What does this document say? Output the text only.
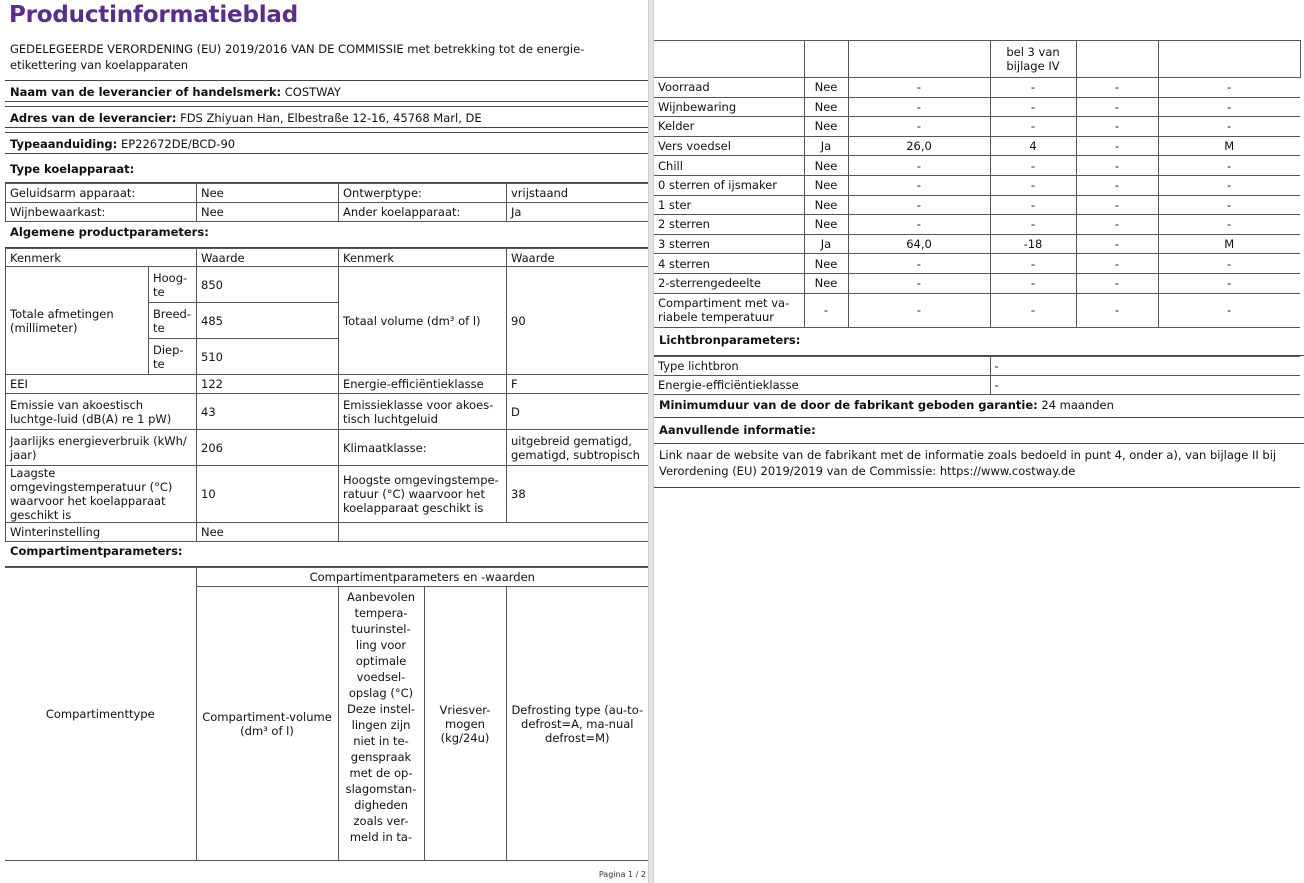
Productinformatieblad
GEDELEGEERDE VERORDENING (EU) 2019/2016 VAN DE COMMISSIE met betrekking tot de energie-etikettering van koelapparaten
Naam van de leverancier of handelsmerk: COSTWAY
Adres van de leverancier: FDS Zhiyuan Han, Elbestraße 12-16, 45768 Marl, DE
Typeaanduiding: EP22672DE/BCD-90
Type koelapparaat:
Geluidsarm apparaat:	Nee	Ontwerptype:	vrijstaand
Wijnbewaarkast:	Nee	Ander koelapparaat:	Ja
Algemene productparameters:
Kenmerk		Waarde	Kenmerk	Waarde
Totale afmetingen (millimeter)	Hoog-te	850	Totaal volume (dm³ of l)	90
	Breed-te	485		
	Diep-te	510		
EEI		122	Energie-efficiëntieklasse	F
Emissie van akoestisch luchtge-luid (dB(A) re 1 pW)		43	Emissieklasse voor akoes-tisch luchtgeluid	D
Jaarlijks energieverbruik (kWh/ jaar)		206	Klimaatklasse:	uitgebreid gematigd, gematigd, subtropisch
Laagste omgevingstemperatuur (°C) waarvoor het koelapparaat geschikt is		10	Hoogste omgevingstempe-ratuur (°C) waarvoor het koelapparaat geschikt is	38
Winterinstelling		Nee		
Compartimentparameters:
Compartimenttype	Compartimentparameters en -waarden			
	Compartiment-volume (dm³ of l)	Aanbevolen tempera-tuurinstel-ling voor optimale voedsel-opslag (°C) Deze instel-lingen zijn niet in te-genspraak met de op-slagomstan-digheden zoals ver-meld in ta-	Vriesver-mogen (kg/24u)	Defrosting type (au-to-defrost=A, ma-nual defrost=M)
Pagina 1 / 2
			bel 3 van bijlage IV		
Voorraad	Nee	-	-	-	-
Wijnbewaring	Nee	-	-	-	-
Kelder	Nee	-	-	-	-
Vers voedsel	Ja	26,0	4	-	M
Chill	Nee	-	-	-	-
0 sterren of ijsmaker	Nee	-	-	-	-
1 ster	Nee	-	-	-	-
2 sterren	Nee	-	-	-	-
3 sterren	Ja	64,0	-18	-	M
4 sterren	Nee	-	-	-	-
2-sterrengedeelte	Nee	-	-	-	-
Compartiment met va-riabele temperatuur	-	-	-	-	-
Lichtbronparameters:
Type lichtbron	-
Energie-efficiëntieklasse	-
Minimumduur van de door de fabrikant geboden garantie: 24 maanden
Aanvullende informatie:
Link naar de website van de fabrikant met de informatie zoals bedoeld in punt 4, onder a), van bijlage II bij Verordening (EU) 2019/2019 van de Commissie: https://www.costway.de
